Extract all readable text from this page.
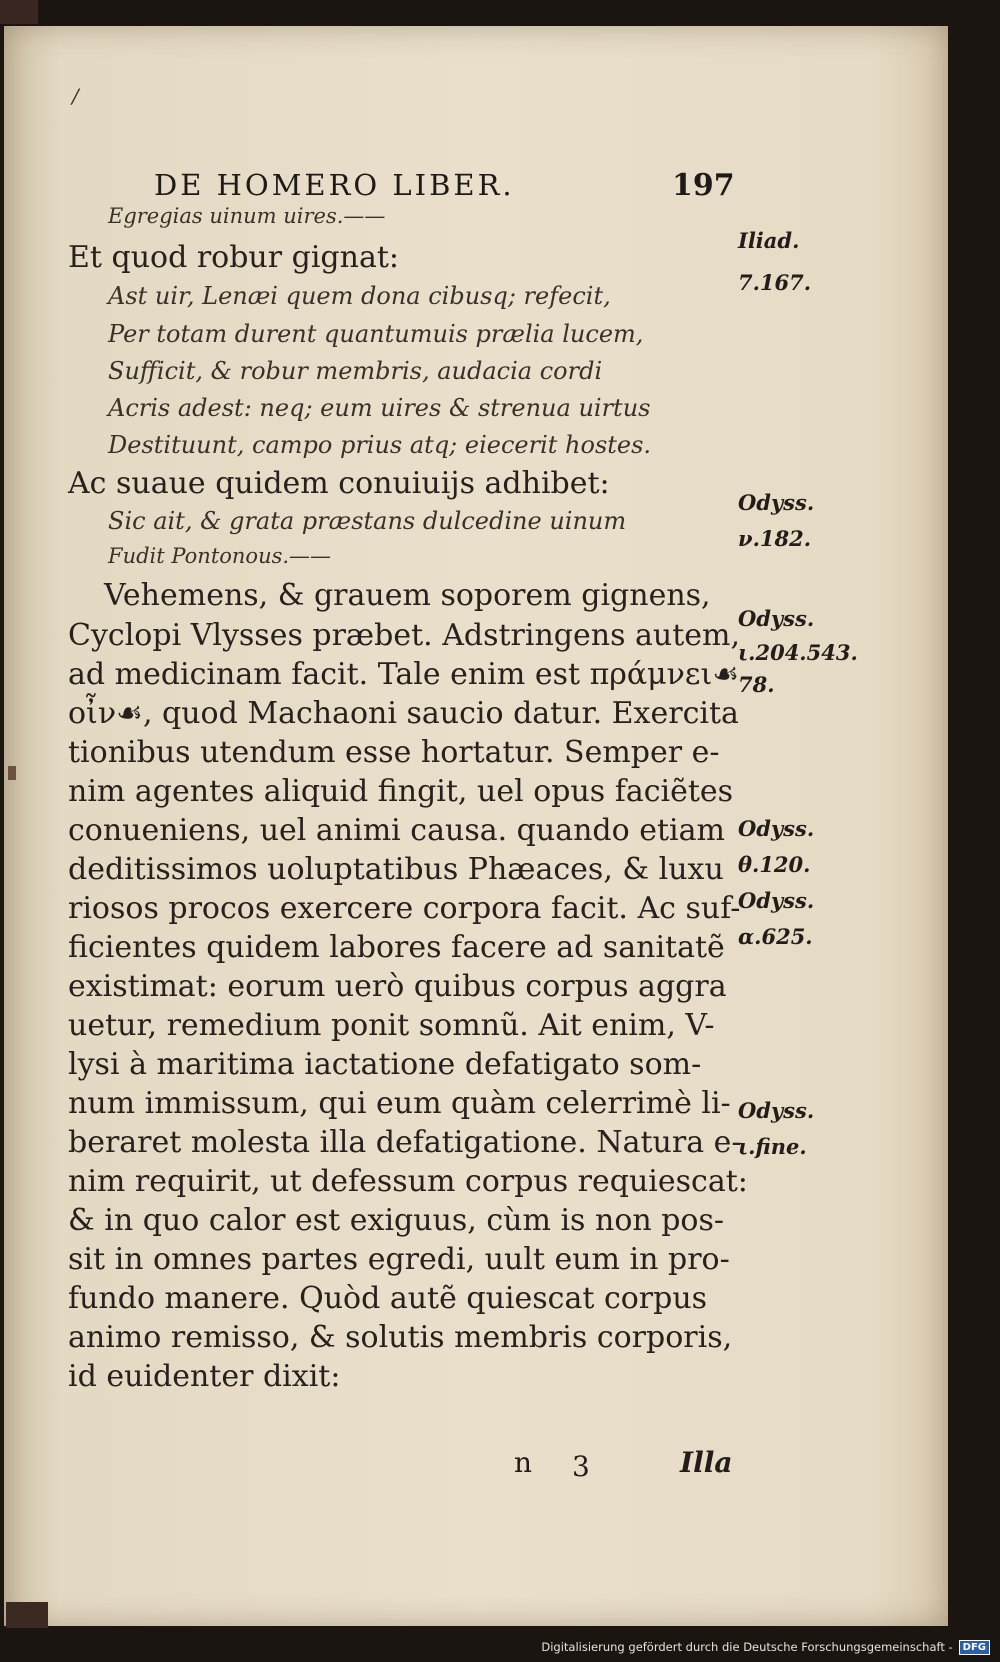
/
DE HOMERO LIBER.	197
Egregias uinum uires.——
Et quod robur gignat:
Ast uir, Lenæi quem dona cibusq; refecit,
Per totam durent quantumuis prælia lucem,
Sufficit, & robur membris, audacia cordi
Acris adest: neq; eum uires & strenua uirtus
Destituunt, campo prius atq; eiecerit hostes.
Ac suaue quidem conuiuijs adhibet:
Sic ait, & grata præstans dulcedine uinum
Fudit Pontonous.——
Vehemens, & grauem soporem gignens,
Cyclopi Vlysses præbet. Adstringens autem,
ad medicinam facit. Tale enim est πράμνει☙
οἶν☙, quod Machaoni saucio datur. Exercita
tionibus utendum esse hortatur. Semper e-
nim agentes aliquid fingit, uel opus faciẽtes
conueniens, uel animi causa. quando etiam
deditissimos uoluptatibus Phæaces, & luxu
riosos procos exercere corpora facit. Ac suf-
ficientes quidem labores facere ad sanitatẽ
existimat: eorum uerò quibus corpus aggra
uetur, remedium ponit somnũ. Ait enim, V-
lysi à maritima iactatione defatigato som-
num immissum, qui eum quàm celerrimè li-
beraret molesta illa defatigatione. Natura e-
nim requirit, ut defessum corpus requiescat:
& in quo calor est exiguus, cùm is non pos-
sit in omnes partes egredi, uult eum in pro-
fundo manere. Quòd autẽ quiescat corpus
animo remisso, & solutis membris corporis,
id euidenter dixit:
Iliad.
7.167.
Odyss.
ν.182.
Odyss.
ι.204.543.
78.
Odyss.
θ.120.
Odyss.
α.625.
Odyss.
ι.fine.
n 3	Illa
Digitalisierung gefördert durch die Deutsche Forschungsgemeinschaft -	DFG
